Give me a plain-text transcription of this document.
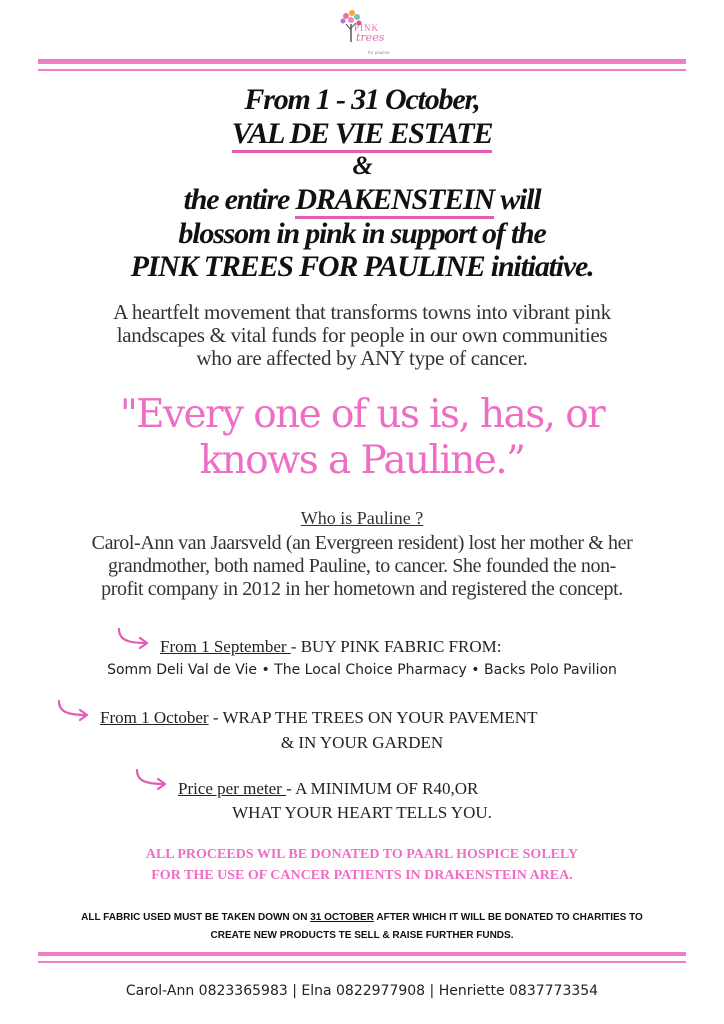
PINK
trees
for pauline
From 1 - 31 October,
VAL DE VIE ESTATE
&
the entire DRAKENSTEIN will
blossom in pink in support of the
PINK TREES FOR PAULINE initiative.
A heartfelt movement that transforms towns into vibrant pink
landscapes & vital funds for people in our own communities
who are affected by ANY type of cancer.
"Every one of us is, has, or
knows a Pauline.”
Who is Pauline ?
Carol-Ann van Jaarsveld (an Evergreen resident) lost her mother & her
grandmother, both named Pauline, to cancer. She founded the non-
profit company in 2012 in her hometown and registered the concept.
From 1 September - BUY PINK FABRIC FROM:
Somm Deli Val de Vie • The Local Choice Pharmacy • Backs Polo Pavilion
From 1 October - WRAP THE TREES ON YOUR PAVEMENT
& IN YOUR GARDEN
Price per meter - A MINIMUM OF R40,OR
WHAT YOUR HEART TELLS YOU.
ALL PROCEEDS WIL BE DONATED TO PAARL HOSPICE SOLELY
FOR THE USE OF CANCER PATIENTS IN DRAKENSTEIN AREA.
ALL FABRIC USED MUST BE TAKEN DOWN ON 31 OCTOBER AFTER WHICH IT WILL BE DONATED TO CHARITIES TO
CREATE NEW PRODUCTS TE SELL & RAISE FURTHER FUNDS.
Carol-Ann 0823365983 | Elna 0822977908 | Henriette 0837773354
